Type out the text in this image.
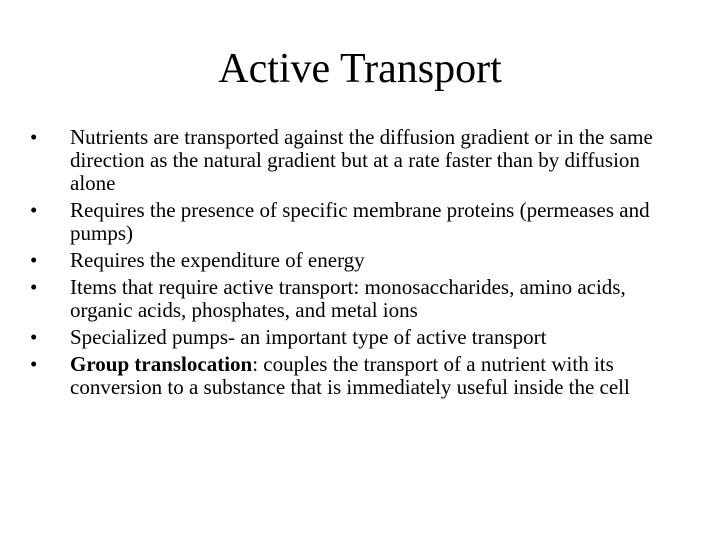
Active Transport
•	Nutrients are transported against the diffusion gradient or in the same direction as the natural gradient but at a rate faster than by diffusion alone
•	Requires the presence of specific membrane proteins (permeases and pumps)
•	Requires the expenditure of energy
•	Items that require active transport: monosaccharides, amino acids, organic acids, phosphates, and metal ions
•	Specialized pumps- an important type of active transport
•	Group translocation: couples the transport of a nutrient with its conversion to a substance that is immediately useful inside the cell
